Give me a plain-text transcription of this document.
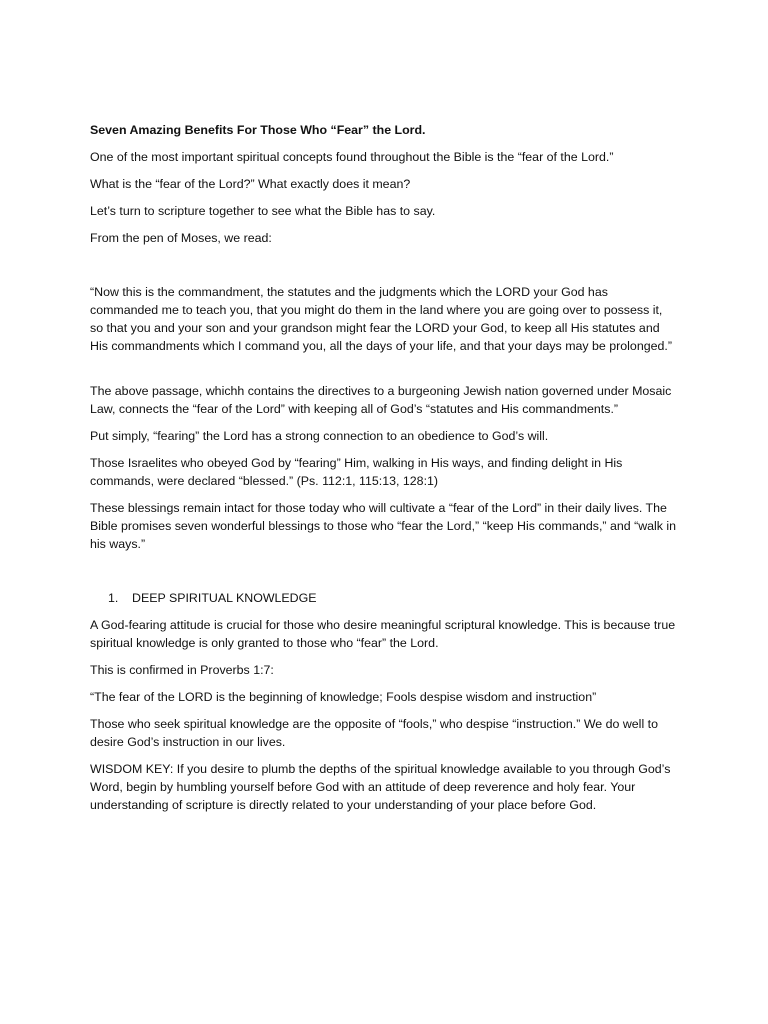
Seven Amazing Benefits For Those Who “Fear” the Lord.

One of the most important spiritual concepts found throughout the Bible is the “fear of the Lord.”

What is the “fear of the Lord?” What exactly does it mean?

Let’s turn to scripture together to see what the Bible has to say.

From the pen of Moses, we read:

“Now this is the commandment, the statutes and the judgments which the LORD your God has commanded me to teach you, that you might do them in the land where you are going over to possess it, so that you and your son and your grandson might fear the LORD your God, to keep all His statutes and His commandments which I command you, all the days of your life, and that your days may be prolonged.”

The above passage, whichh contains the directives to a burgeoning Jewish nation governed under Mosaic Law, connects the “fear of the Lord” with keeping all of God’s “statutes and His commandments.”

Put simply, “fearing” the Lord has a strong connection to an obedience to God’s will.

Those Israelites who obeyed God by “fearing” Him, walking in His ways, and finding delight in His commands, were declared “blessed.” (Ps. 112:1, 115:13, 128:1)

These blessings remain intact for those today who will cultivate a “fear of the Lord” in their daily lives. The Bible promises seven wonderful blessings to those who “fear the Lord,” “keep His commands,” and “walk in his ways.”

1.	DEEP SPIRITUAL KNOWLEDGE

A God-fearing attitude is crucial for those who desire meaningful scriptural knowledge. This is because true spiritual knowledge is only granted to those who “fear” the Lord.

This is confirmed in Proverbs 1:7:

“The fear of the LORD is the beginning of knowledge; Fools despise wisdom and instruction”

Those who seek spiritual knowledge are the opposite of “fools,” who despise “instruction.” We do well to desire God’s instruction in our lives.

WISDOM KEY: If you desire to plumb the depths of the spiritual knowledge available to you through God’s Word, begin by humbling yourself before God with an attitude of deep reverence and holy fear. Your understanding of scripture is directly related to your understanding of your place before God.
